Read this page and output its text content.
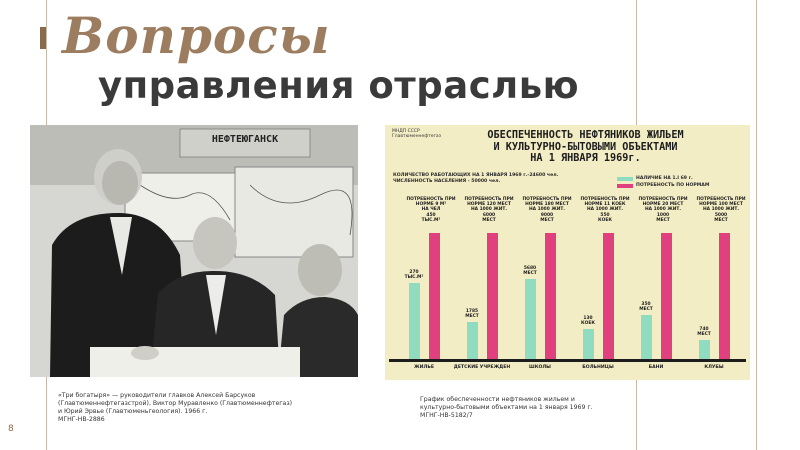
Вопросы
управления отраслью
НЕФТЕЮГАНСК
«Три богатыря» — руководители главков Алексей Барсуков
(Главтюменнефтегазстрой), Виктор Муравленко (Главтюменнефтегаз)
и Юрий Эрвье (Главтюменьгеология). 1966 г.
МГНГ-НВ-2886
График обеспеченности нефтяников жильем и
культурно-бытовыми объектами на 1 января 1969 г.
МГНГ-НВ-5182/7
8
МНДП СССР
Главтюменнефтегаз	ОБЕСПЕЧЕННОСТЬ НЕФТЯНИКОВ ЖИЛЬЕМ
И КУЛЬТУРНО-БЫТОВЫМИ ОБЪЕКТАМИ
НА 1 ЯНВАРЯ 1969г.
КОЛИЧЕСТВО РАБОТАЮЩИХ НА 1 ЯНВАРЯ 1969 г.-24600 чел.
ЧИСЛЕННОСТЬ НАСЕЛЕНИЯ - 50000 чел.
НАЛИЧИЕ НА 1.I 69 г.
ПОТРЕБНОСТЬ ПО НОРМАМ
ПОТРЕБНОСТЬ ПРИ
НОРМЕ 9 М²
НА ЧЕЛ
450
ТЫС.М²
270
ТЫС.М²
ЖИЛЬЕ
ПОТРЕБНОСТЬ ПРИ
НОРМЕ 120 МЕСТ
НА 1000 ЖИТ.
6000
МЕСТ
1785
МЕСТ
ДЕТСКИЕ УЧРЕЖДЕН
ПОТРЕБНОСТЬ ПРИ
НОРМЕ 180 МЕСТ
НА 1000 ЖИТ.
9000
МЕСТ
5680
МЕСТ
ШКОЛЫ
ПОТРЕБНОСТЬ ПРИ
НОРМЕ 11 КОЕК
НА 1000 ЖИТ.
550
КОЕК
130
КОЕК
БОЛЬНИЦЫ
ПОТРЕБНОСТЬ ПРИ
НОРМЕ 20 МЕСТ
НА 1000 ЖИТ.
1000
МЕСТ
350
МЕСТ
БАНИ
ПОТРЕБНОСТЬ ПРИ
НОРМЕ 100 МЕСТ
НА 1000 ЖИТ.
5000
МЕСТ
740
МЕСТ
КЛУБЫ
